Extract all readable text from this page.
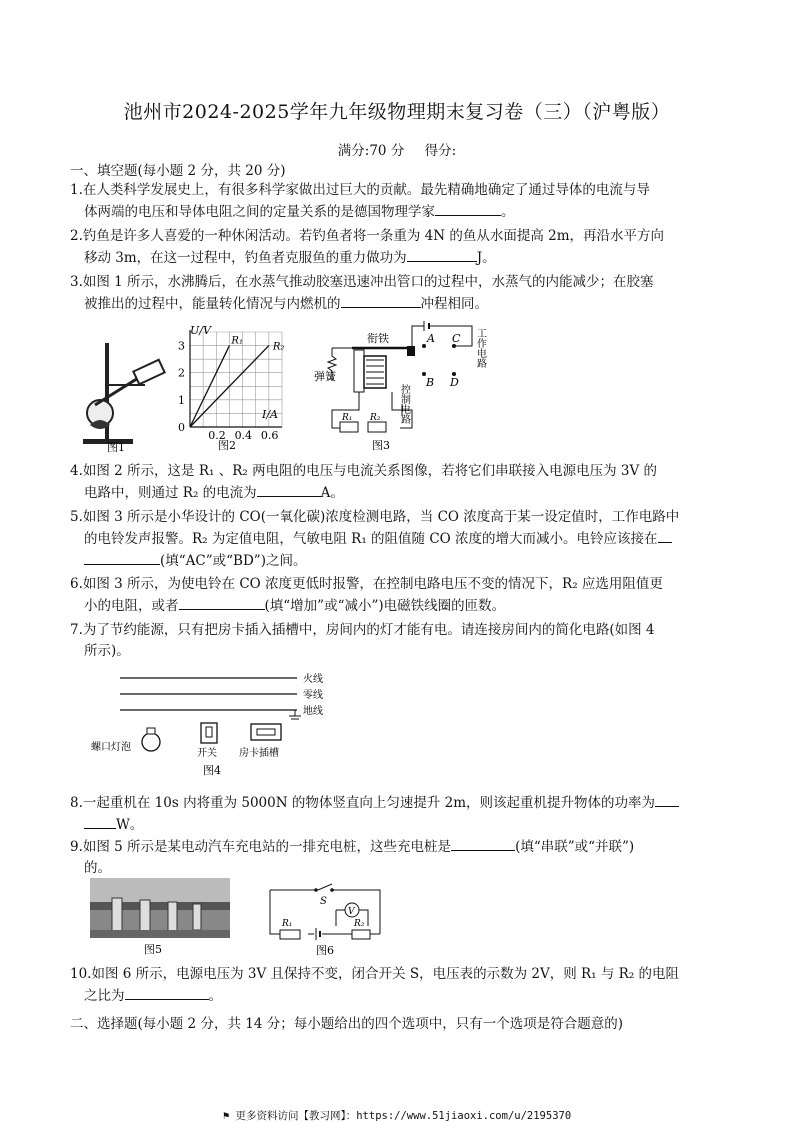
池州市2024-2025学年九年级物理期末复习卷（三）（沪粤版）
满分:70 分 得分:
一、填空题(每小题 2 分，共 20 分)
1.在人类科学发展史上，有很多科学家做出过巨大的贡献。最先精确地确定了通过导体的电流与导
体两端的电压和导体电阻之间的定量关系的是德国物理学家	。
2.钓鱼是许多人喜爱的一种休闲活动。若钓鱼者将一条重为 4N 的鱼从水面提高 2m，再沿水平方向
移动 3m，在这一过程中，钓鱼者克服鱼的重力做功为	J。
3.如图 1 所示，水沸腾后，在水蒸气推动胶塞迅速冲出管口的过程中，水蒸气的内能减少；在胶塞
被推出的过程中，能量转化情况与内燃机的	冲程相同。
图1
U/V
I/A
3
2
1
0
0.2 0.4 0.6
R₁
R₂
图2
衔铁
弹簧
A
B
C
D
工作电路
R₁ R₂ 控制电路
图3
4.如图 2 所示，这是 R₁ 、R₂ 两电阻的电压与电流关系图像，若将它们串联接入电源电压为 3V 的
电路中，则通过 R₂ 的电流为	A。
5.如图 3 所示是小华设计的 CO(一氧化碳)浓度检测电路，当 CO 浓度高于某一设定值时，工作电路中
的电铃发声报警。R₂ 为定值电阻，气敏电阻 R₁ 的阻值随 CO 浓度的增大而减小。电铃应该接在
(填“AC”或“BD”)之间。
6.如图 3 所示，为使电铃在 CO 浓度更低时报警，在控制电路电压不变的情况下，R₂ 应选用阻值更
小的电阻，或者	(填“增加”或“减小”)电磁铁线圈的匝数。
7.为了节约能源，只有把房卡插入插槽中，房间内的灯才能有电。请连接房间内的简化电路(如图 4
所示)。
火线
零线
地线
螺口灯泡
开关 房卡插槽
图4
8.一起重机在 10s 内将重为 5000N 的物体竖直向上匀速提升 2m，则该起重机提升物体的功率为
W。
9.如图 5 所示是某电动汽车充电站的一排充电桩，这些充电桩是	(填“串联”或“并联”)
的。
图5
S
V
R₁	R₂
图6
10.如图 6 所示，电源电压为 3V 且保持不变，闭合开关 S，电压表的示数为 2V，则 R₁ 与 R₂ 的电阻
之比为	。
二、选择题(每小题 2 分，共 14 分；每小题给出的四个选项中，只有一个选项是符合题意的)
⚑ 更多资料访问【教习网】：https://www.51jiaoxi.com/u/2195370
